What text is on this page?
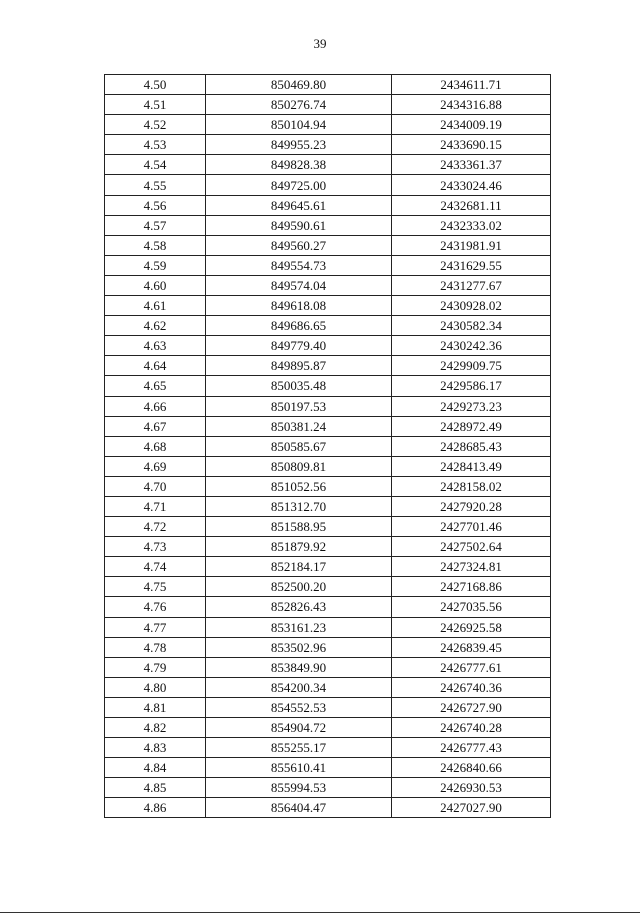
39
4.50	850469.80	2434611.71
4.51	850276.74	2434316.88
4.52	850104.94	2434009.19
4.53	849955.23	2433690.15
4.54	849828.38	2433361.37
4.55	849725.00	2433024.46
4.56	849645.61	2432681.11
4.57	849590.61	2432333.02
4.58	849560.27	2431981.91
4.59	849554.73	2431629.55
4.60	849574.04	2431277.67
4.61	849618.08	2430928.02
4.62	849686.65	2430582.34
4.63	849779.40	2430242.36
4.64	849895.87	2429909.75
4.65	850035.48	2429586.17
4.66	850197.53	2429273.23
4.67	850381.24	2428972.49
4.68	850585.67	2428685.43
4.69	850809.81	2428413.49
4.70	851052.56	2428158.02
4.71	851312.70	2427920.28
4.72	851588.95	2427701.46
4.73	851879.92	2427502.64
4.74	852184.17	2427324.81
4.75	852500.20	2427168.86
4.76	852826.43	2427035.56
4.77	853161.23	2426925.58
4.78	853502.96	2426839.45
4.79	853849.90	2426777.61
4.80	854200.34	2426740.36
4.81	854552.53	2426727.90
4.82	854904.72	2426740.28
4.83	855255.17	2426777.43
4.84	855610.41	2426840.66
4.85	855994.53	2426930.53
4.86	856404.47	2427027.90
